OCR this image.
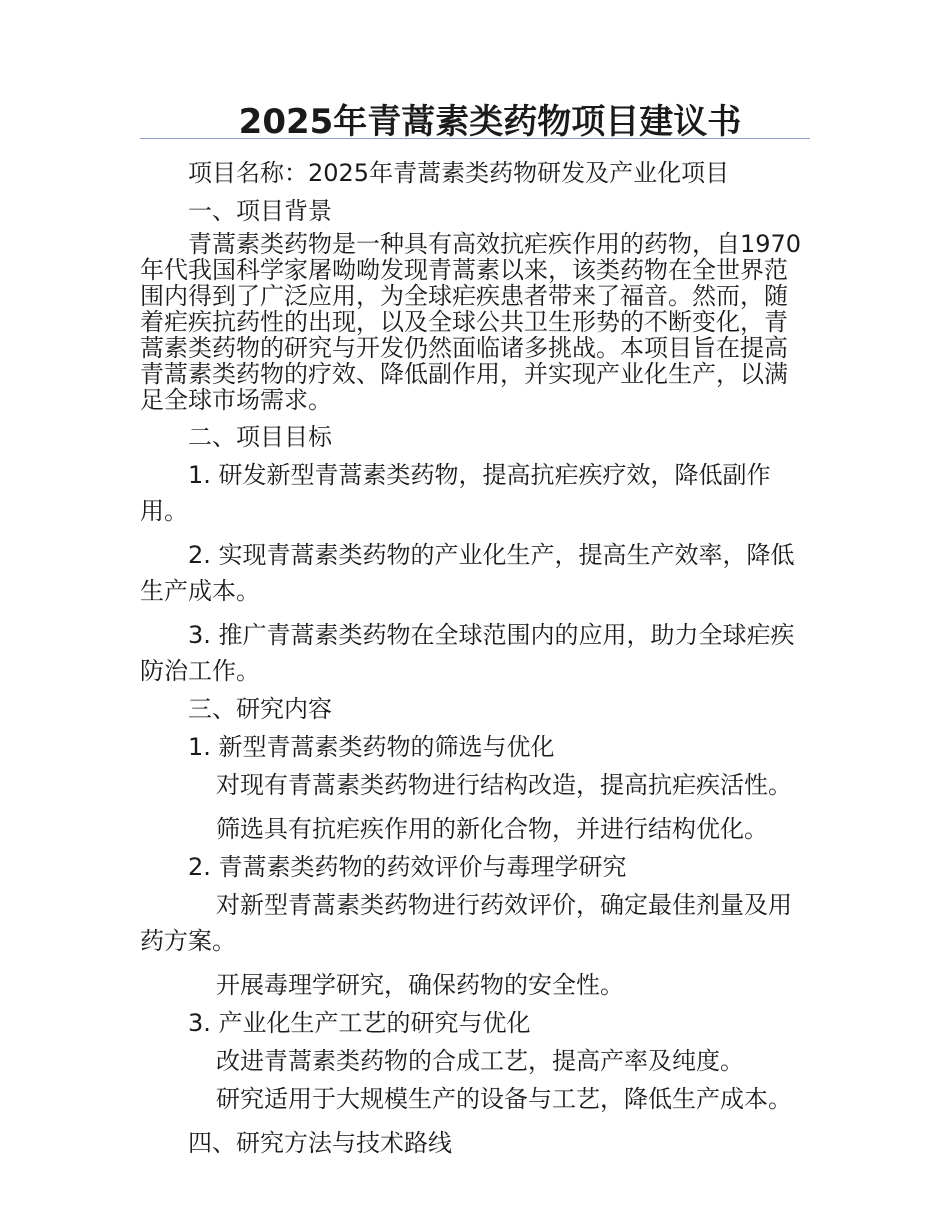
2025年青蒿素类药物项目建议书

项目名称：2025年青蒿素类药物研发及产业化项目

一、项目背景

青蒿素类药物是一种具有高效抗疟疾作用的药物，自1970年代我国科学家屠呦呦发现青蒿素以来，该类药物在全世界范围内得到了广泛应用，为全球疟疾患者带来了福音。然而，随着疟疾抗药性的出现，以及全球公共卫生形势的不断变化，青蒿素类药物的研究与开发仍然面临诸多挑战。本项目旨在提高青蒿素类药物的疗效、降低副作用，并实现产业化生产，以满足全球市场需求。

二、项目目标

1. 研发新型青蒿素类药物，提高抗疟疾疗效，降低副作用。

2. 实现青蒿素类药物的产业化生产，提高生产效率，降低生产成本。

3. 推广青蒿素类药物在全球范围内的应用，助力全球疟疾防治工作。

三、研究内容

1. 新型青蒿素类药物的筛选与优化

对现有青蒿素类药物进行结构改造，提高抗疟疾活性。

筛选具有抗疟疾作用的新化合物，并进行结构优化。

2. 青蒿素类药物的药效评价与毒理学研究

对新型青蒿素类药物进行药效评价，确定最佳剂量及用药方案。

开展毒理学研究，确保药物的安全性。

3. 产业化生产工艺的研究与优化

改进青蒿素类药物的合成工艺，提高产率及纯度。

研究适用于大规模生产的设备与工艺，降低生产成本。

四、研究方法与技术路线
